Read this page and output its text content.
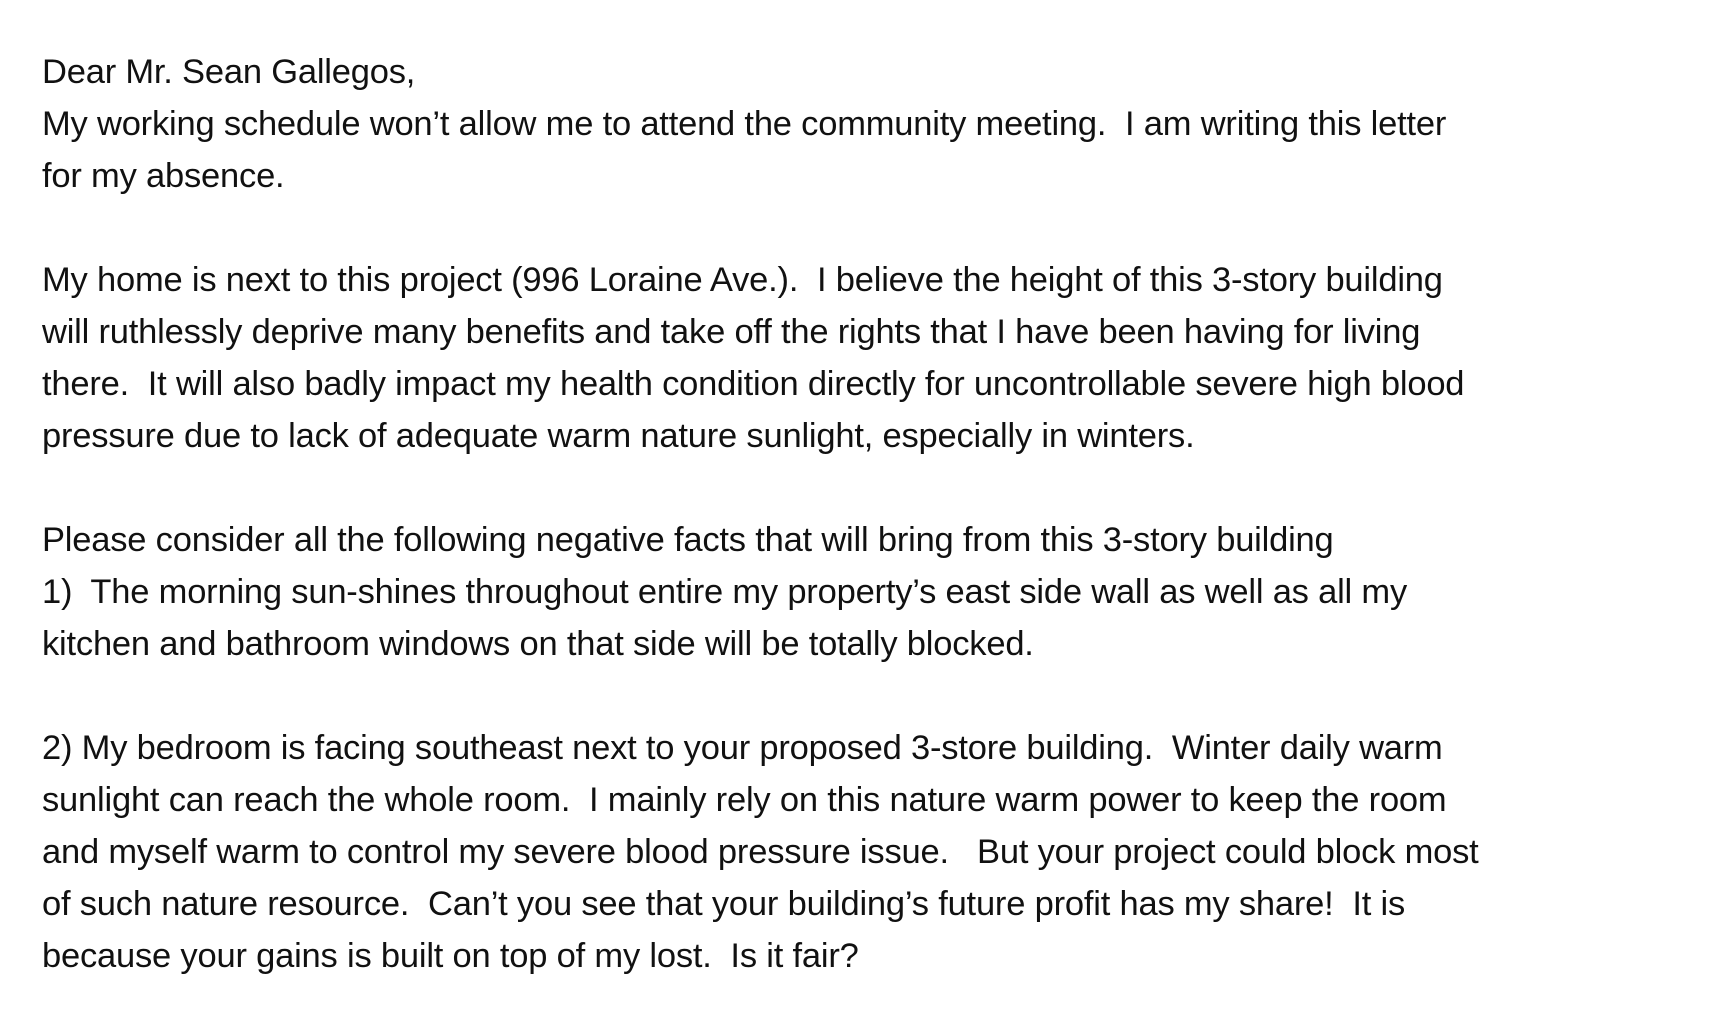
Dear Mr. Sean Gallegos,
My working schedule won’t allow me to attend the community meeting.  I am writing this letter
for my absence.
My home is next to this project (996 Loraine Ave.).  I believe the height of this 3-story building
will ruthlessly deprive many benefits and take off the rights that I have been having for living
there.  It will also badly impact my health condition directly for uncontrollable severe high blood
pressure due to lack of adequate warm nature sunlight, especially in winters.
Please consider all the following negative facts that will bring from this 3-story building
1)  The morning sun-shines throughout entire my property’s east side wall as well as all my
kitchen and bathroom windows on that side will be totally blocked.
2) My bedroom is facing southeast next to your proposed 3-store building.  Winter daily warm
sunlight can reach the whole room.  I mainly rely on this nature warm power to keep the room
and myself warm to control my severe blood pressure issue.   But your project could block most
of such nature resource.  Can’t you see that your building’s future profit has my share!  It is
because your gains is built on top of my lost.  Is it fair?
